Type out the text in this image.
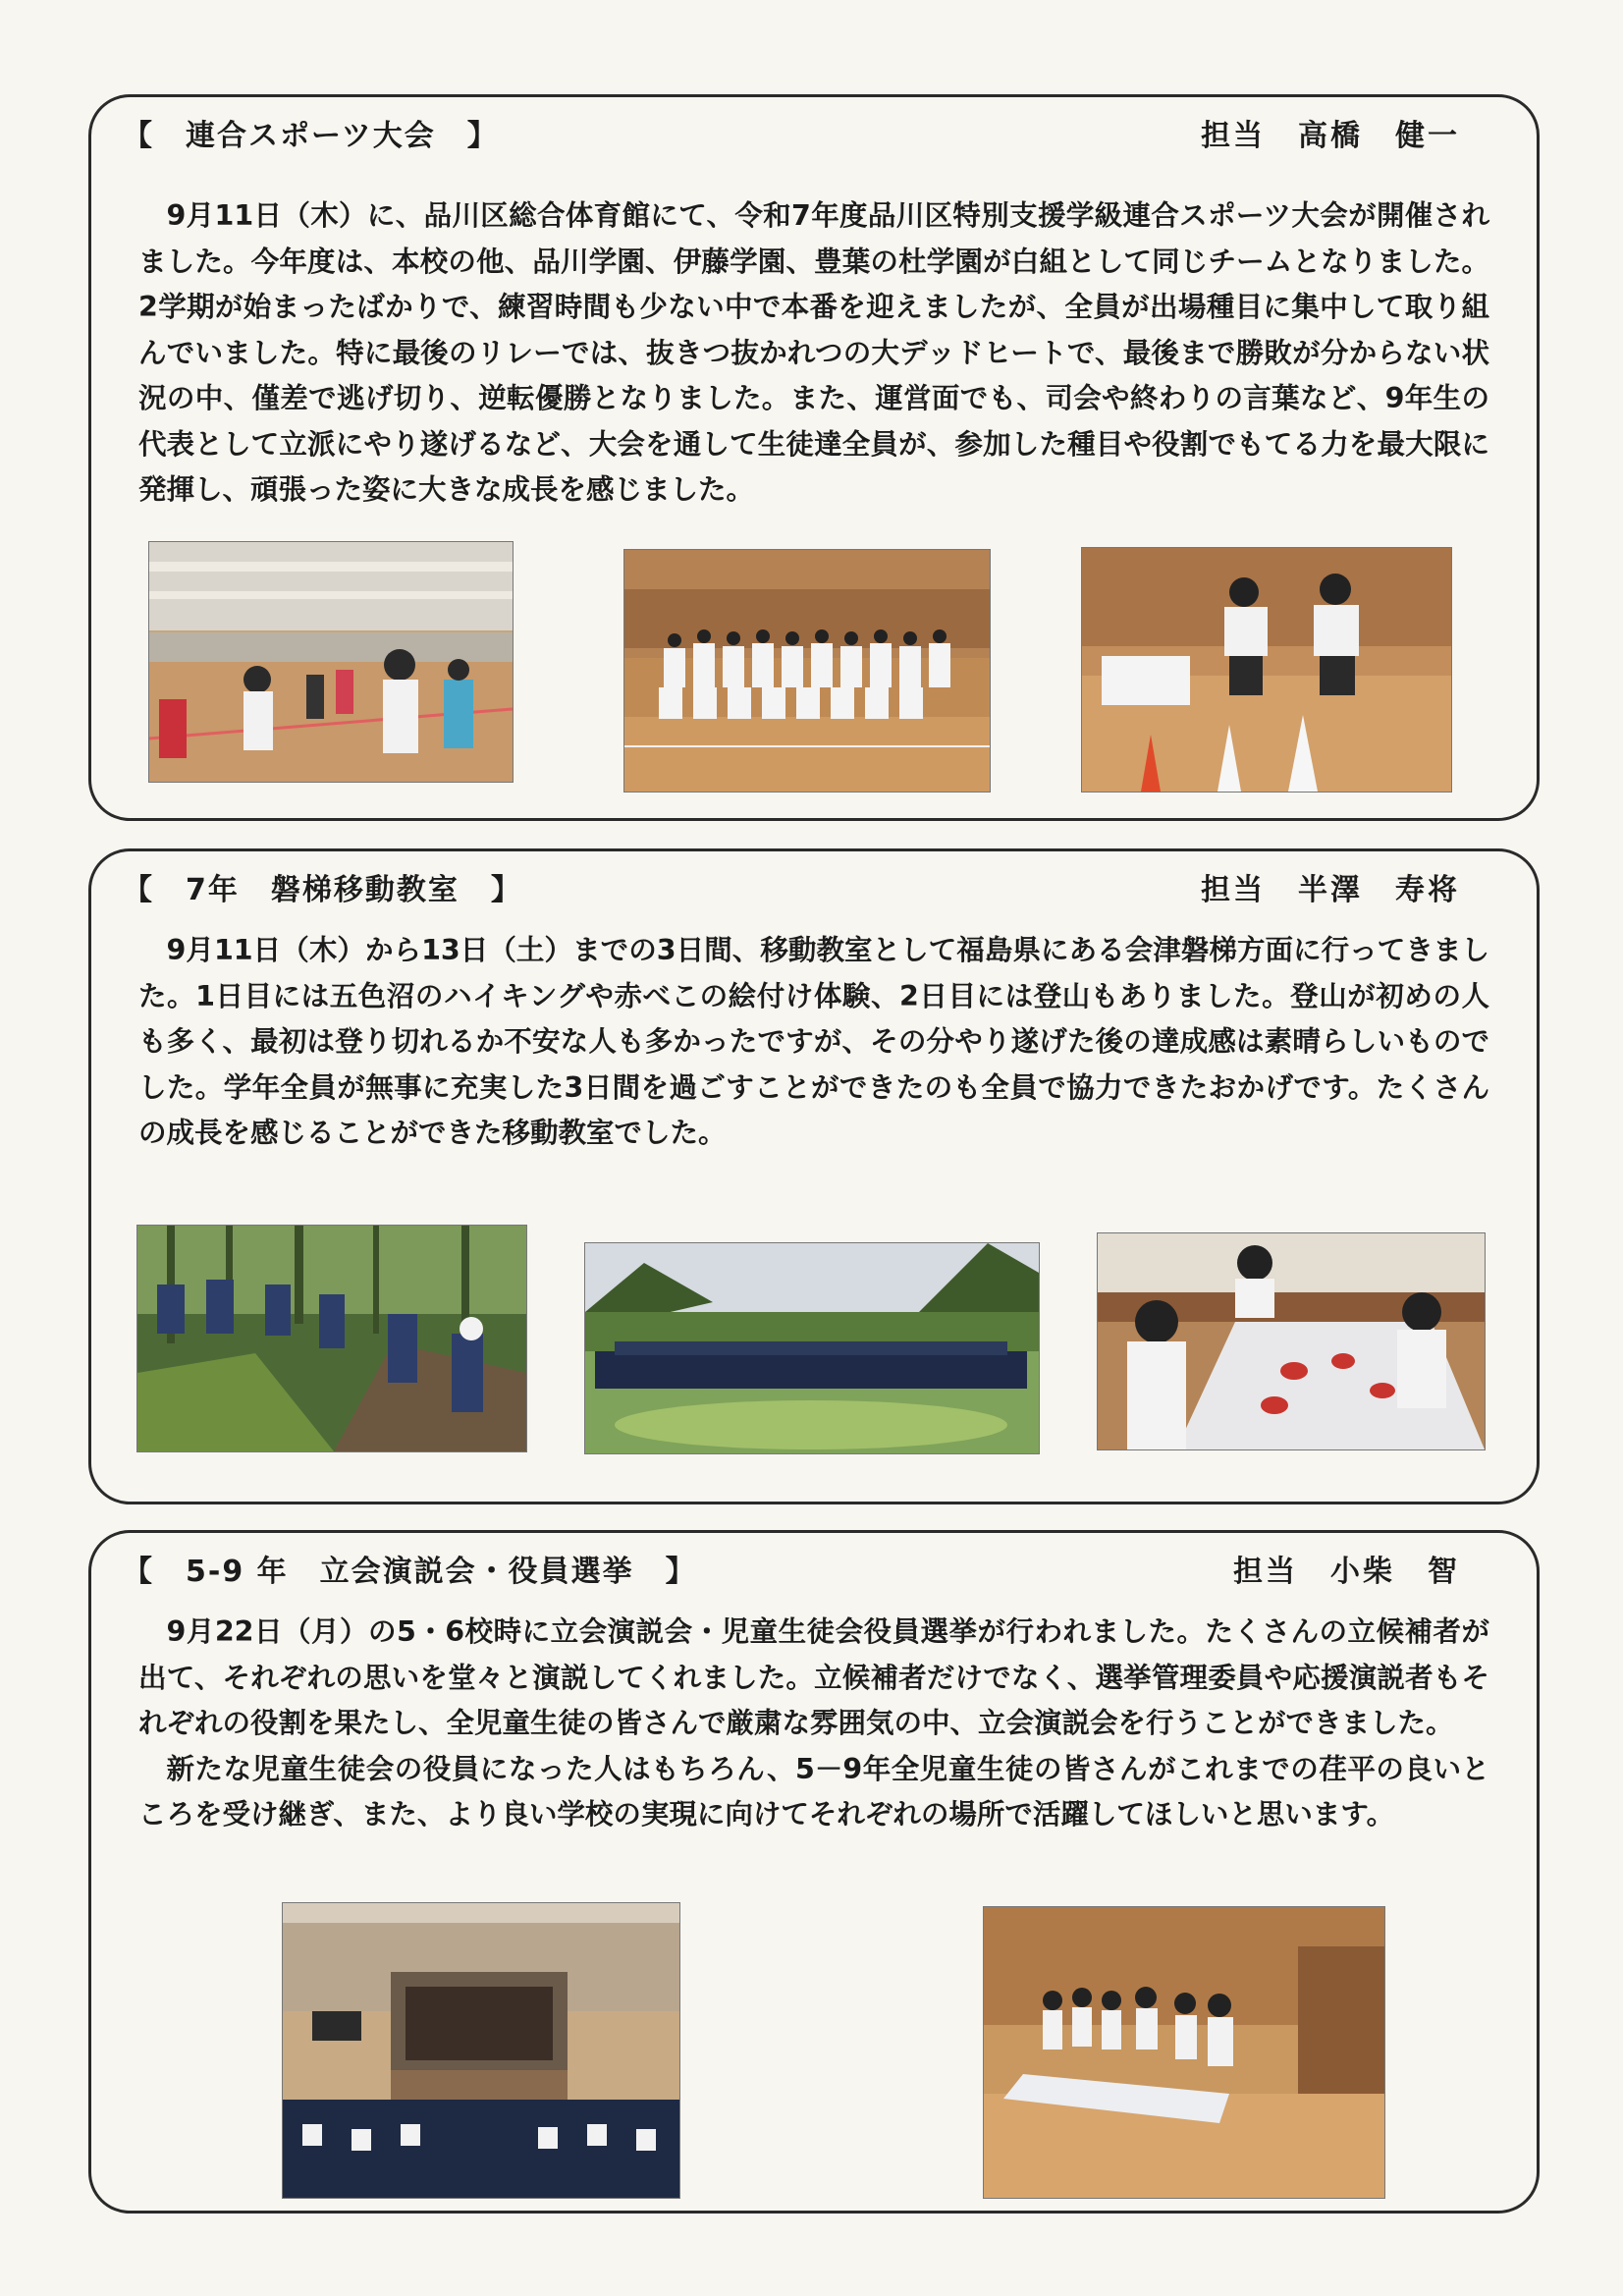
【　連合スポーツ大会　】	担当　高橋　健一

9月11日（木）に、品川区総合体育館にて、令和7年度品川区特別支援学級連合スポーツ大会が開催されました。今年度は、本校の他、品川学園、伊藤学園、豊葉の杜学園が白組として同じチームとなりました。2学期が始まったばかりで、練習時間も少ない中で本番を迎えましたが、全員が出場種目に集中して取り組んでいました。特に最後のリレーでは、抜きつ抜かれつの大デッドヒートで、最後まで勝敗が分からない状況の中、僅差で逃げ切り、逆転優勝となりました。また、運営面でも、司会や終わりの言葉など、9年生の代表として立派にやり遂げるなど、大会を通して生徒達全員が、参加した種目や役割でもてる力を最大限に発揮し、頑張った姿に大きな成長を感じました。

【　7年　磐梯移動教室　】	担当　半澤　寿将

9月11日（木）から13日（土）までの3日間、移動教室として福島県にある会津磐梯方面に行ってきました。1日目には五色沼のハイキングや赤べこの絵付け体験、2日目には登山もありました。登山が初めの人も多く、最初は登り切れるか不安な人も多かったですが、その分やり遂げた後の達成感は素晴らしいものでした。学年全員が無事に充実した3日間を過ごすことができたのも全員で協力できたおかげです。たくさんの成長を感じることができた移動教室でした。

【　5-9 年　立会演説会・役員選挙　】	担当　小柴　智

9月22日（月）の5・6校時に立会演説会・児童生徒会役員選挙が行われました。たくさんの立候補者が出て、それぞれの思いを堂々と演説してくれました。立候補者だけでなく、選挙管理委員や応援演説者もそれぞれの役割を果たし、全児童生徒の皆さんで厳粛な雰囲気の中、立会演説会を行うことができました。

新たな児童生徒会の役員になった人はもちろん、5－9年全児童生徒の皆さんがこれまでの荏平の良いところを受け継ぎ、また、より良い学校の実現に向けてそれぞれの場所で活躍してほしいと思います。
